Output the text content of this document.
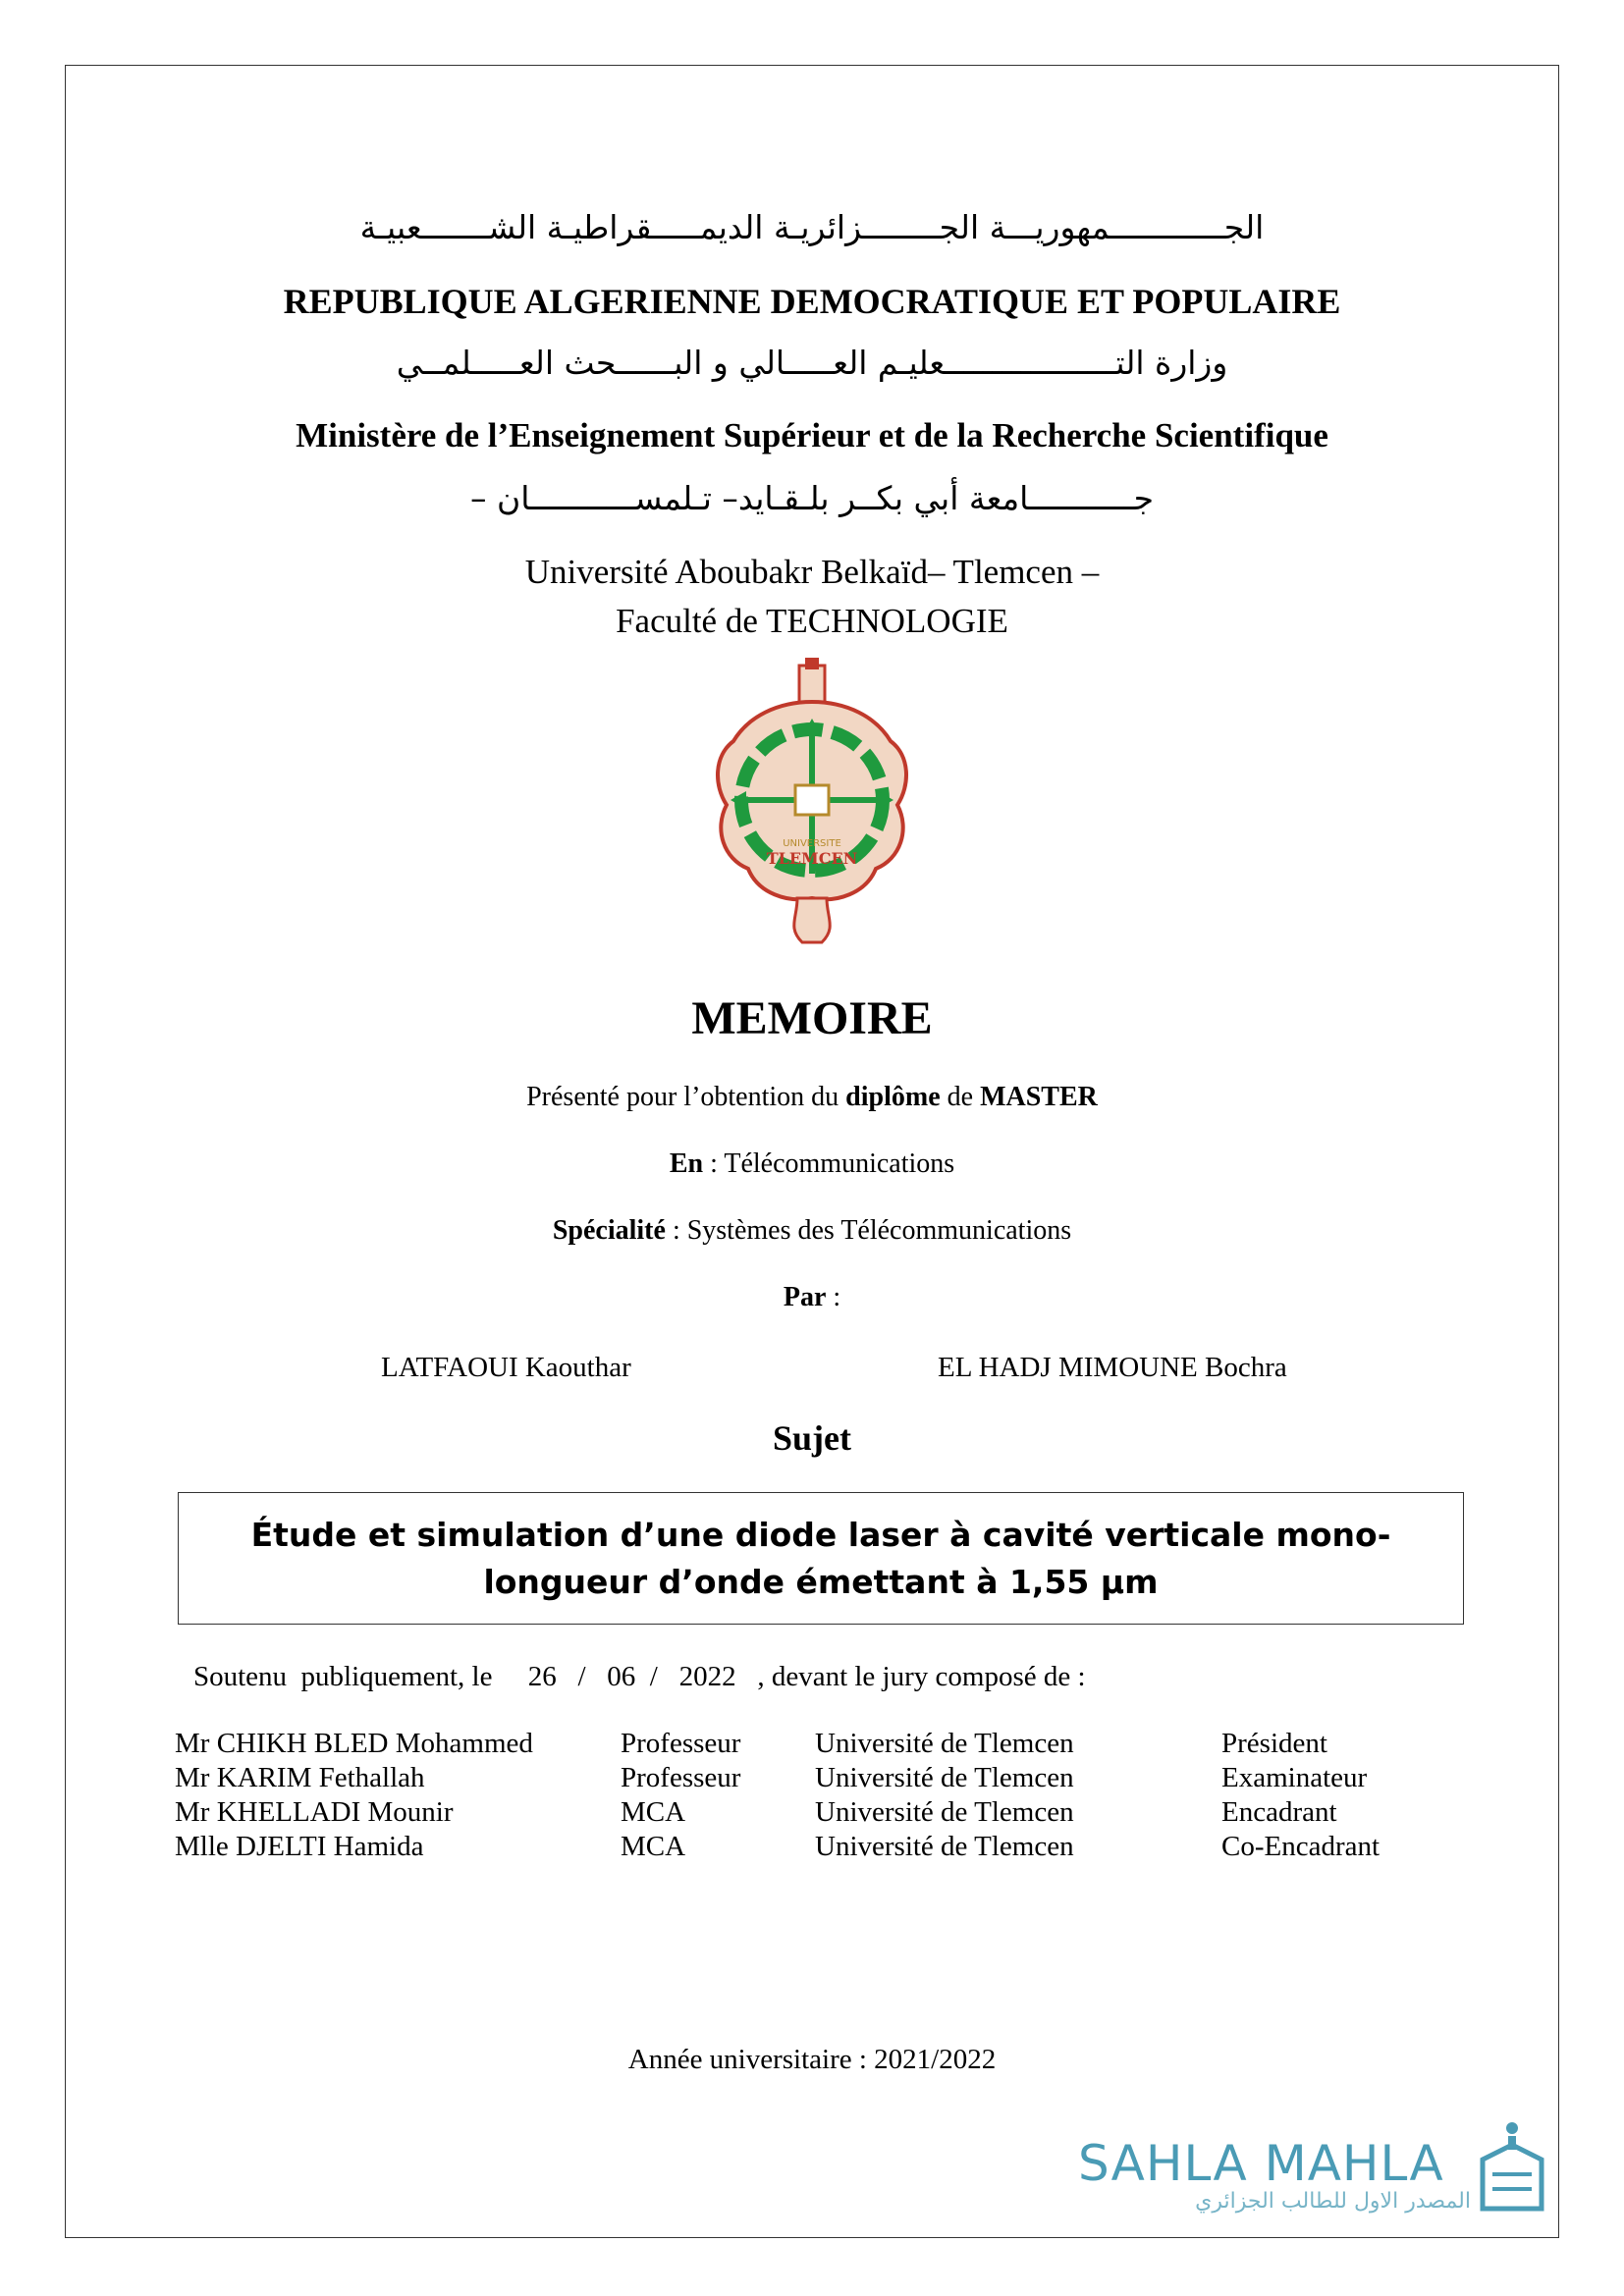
الجــــــــــــمهوريـــة الجــــــــزائريـة الديمـــــقراطيـة الشـــــــعبيـة
REPUBLIQUE ALGERIENNE DEMOCRATIQUE ET POPULAIRE
وزارة التــــــــــــــــــعليـم العـــــالي و البــــــحث العـــــلمــي
Ministère de l’Enseignement Supérieur et de la Recherche Scientifique
جـــــــــــامعة أبي بكــر بلـقـايد– تـلمســـــــــــان –
Université Aboubakr Belkaïd– Tlemcen –
Faculté de TECHNOLOGIE
UNIVERSITE
TLEMCEN
MEMOIRE
Présenté pour l’obtention du diplôme de MASTER
En : Télécommunications
Spécialité : Systèmes des Télécommunications
Par :
LATFAOUI Kaouthar	EL HADJ MIMOUNE Bochra
Sujet
Étude et simulation d’une diode laser à cavité verticale mono-longueur d’onde émettant à 1,55 µm
Soutenu  publiquement, le     26   /   06  /   2022   , devant le jury composé de :
Mr CHIKH BLED Mohammed	Professeur	Université de Tlemcen	Président
Mr KARIM Fethallah	Professeur	Université de Tlemcen	Examinateur
Mr KHELLADI Mounir	MCA	Université de Tlemcen	Encadrant
Mlle DJELTI Hamida	MCA	Université de Tlemcen	Co-Encadrant
Année universitaire : 2021/2022
SAHLA MAHLA
المصدر الاول للطالب الجزائري
